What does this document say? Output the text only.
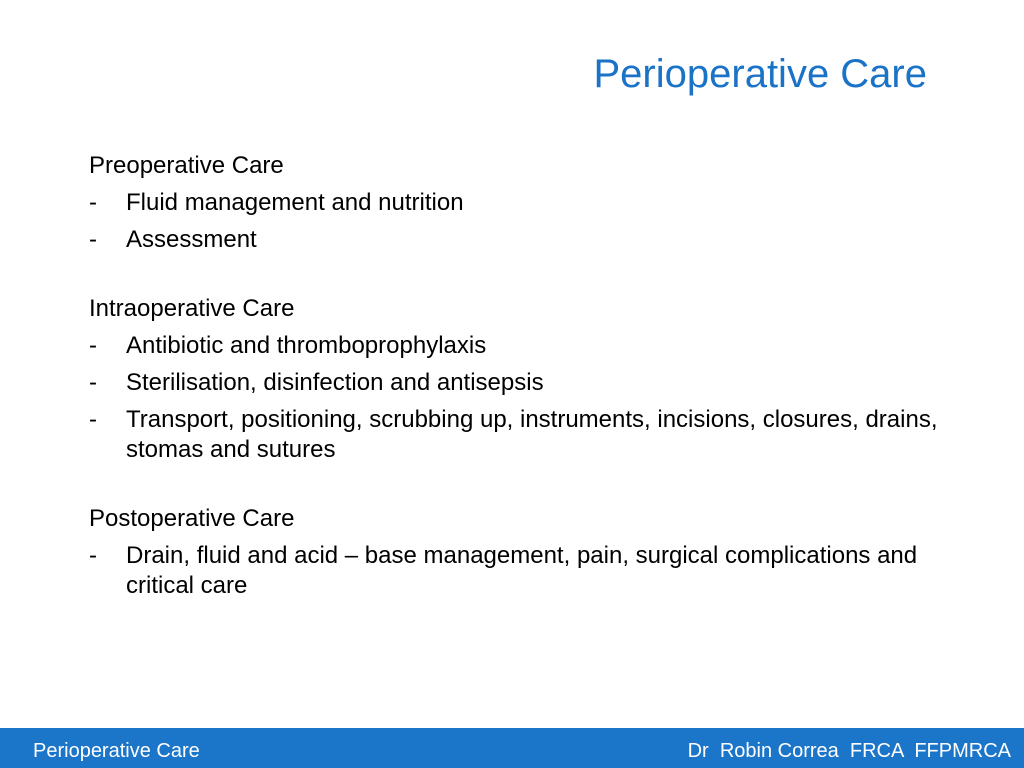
Perioperative Care
Preoperative Care
-	Fluid management and nutrition
-	Assessment
Intraoperative Care
-	Antibiotic and thromboprophylaxis
-	Sterilisation, disinfection and antisepsis
-	Transport, positioning, scrubbing up, instruments, incisions, closures, drains, stomas and sutures
Postoperative Care
-	Drain, fluid and acid – base management, pain, surgical complications and critical care
Perioperative Care	Dr  Robin Correa  FRCA  FFPMRCA
